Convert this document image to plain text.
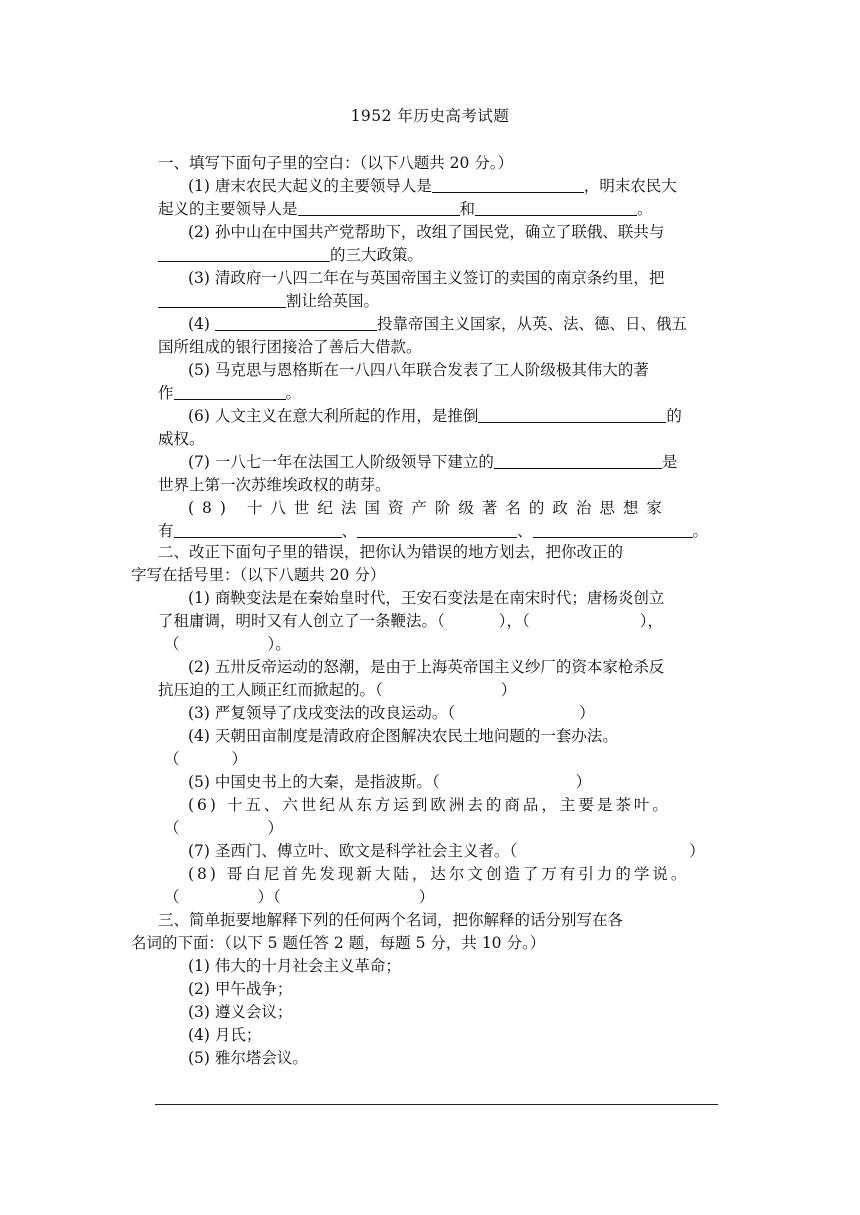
1952 年历史高考试题
一、填写下面句子里的空白：（以下八题共 20 分。）
(1) 唐末农民大起义的主要领导人是	，明末农民大
起义的主要领导人是	和	。
(2) 孙中山在中国共产党帮助下，改组了国民党，确立了联俄、联共与
的三大政策。
(3) 清政府一八四二年在与英国帝国主义签订的卖国的南京条约里，把
割让给英国。
(4)	投靠帝国主义国家，从英、法、德、日、俄五
国所组成的银行团接洽了善后大借款。
(5) 马克思与恩格斯在一八四八年联合发表了工人阶级极其伟大的著
作	。
(6) 人文主义在意大利所起的作用，是推倒	的
威权。
(7) 一八七一年在法国工人阶级领导下建立的	是
世界上第一次苏维埃政权的萌芽。
(8) 十八世纪法国资产阶级著名的政治思想家
有	、	、	。
二、改正下面句子里的错误，把你认为错误的地方划去，把你改正的
字写在括号里：（以下八题共 20 分）
(1) 商鞅变法是在秦始皇时代，王安石变法是在南宋时代；唐杨炎创立
了租庸调，明时又有人创立了一条鞭法。（	），（	），
（	）。
(2) 五卅反帝运动的怒潮，是由于上海英帝国主义纱厂的资本家枪杀反
抗压迫的工人顾正红而掀起的。（	）
(3) 严复领导了戊戌变法的改良运动。（	）
(4) 天朝田亩制度是清政府企图解决农民土地问题的一套办法。
（	）
(5) 中国史书上的大秦，是指波斯。（	）
(6) 十五、六世纪从东方运到欧洲去的商品，主要是茶叶。
（	）
(7) 圣西门、傅立叶、欧文是科学社会主义者。（	）
(8) 哥白尼首先发现新大陆，达尔文创造了万有引力的学说。
（	）（	）
三、简单扼要地解释下列的任何两个名词，把你解释的话分别写在各
名词的下面：（以下 5 题任答 2 题，每题 5 分，共 10 分。）
(1) 伟大的十月社会主义革命；
(2) 甲午战争；
(3) 遵义会议；
(4) 月氏；
(5) 雅尔塔会议。
